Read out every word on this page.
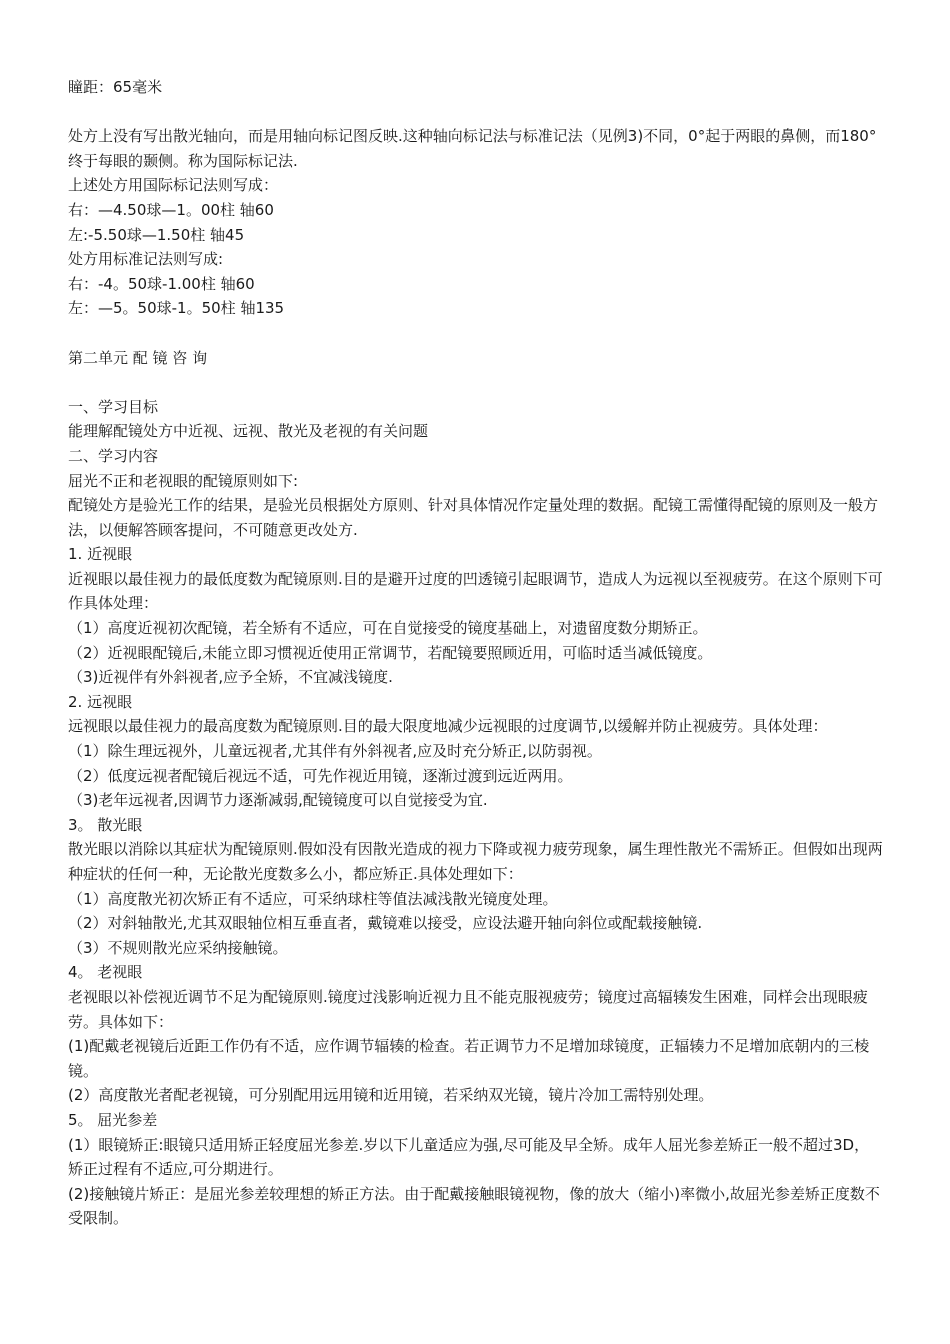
瞳距：65毫米

处方上没有写出散光轴向，而是用轴向标记图反映.这种轴向标记法与标准记法（见例3)不同，0°起于两眼的鼻侧，而180°终于每眼的颞侧。称为国际标记法.

上述处方用国际标记法则写成：

右：—4.50球—1。00柱 轴60

左:-5.50球—1.50柱 轴45

处方用标准记法则写成:

右：-4。50球-1.00柱 轴60

左：—5。50球-1。50柱 轴135

第二单元 配 镜 咨 询

一、学习目标

能理解配镜处方中近视、远视、散光及老视的有关问题

二、学习内容

屈光不正和老视眼的配镜原则如下:

配镜处方是验光工作的结果，是验光员根据处方原则、针对具体情况作定量处理的数据。配镜工需懂得配镜的原则及一般方法，以便解答顾客提问，不可随意更改处方.

1. 近视眼

近视眼以最佳视力的最低度数为配镜原则.目的是避开过度的凹透镜引起眼调节，造成人为远视以至视疲劳。在这个原则下可作具体处理：

（1）高度近视初次配镜，若全矫有不适应，可在自觉接受的镜度基础上，对遗留度数分期矫正。

（2）近视眼配镜后,未能立即习惯视近使用正常调节，若配镜要照顾近用，可临时适当减低镜度。

（3)近视伴有外斜视者,应予全矫，不宜减浅镜度.

2. 远视眼

远视眼以最佳视力的最高度数为配镜原则.目的最大限度地减少远视眼的过度调节,以缓解并防止视疲劳。具体处理：

（1）除生理远视外，儿童远视者,尤其伴有外斜视者,应及时充分矫正,以防弱视。

（2）低度远视者配镜后视远不适，可先作视近用镜，逐渐过渡到远近两用。

（3)老年远视者,因调节力逐渐减弱,配镜镜度可以自觉接受为宜.

3。 散光眼

散光眼以消除以其症状为配镜原则.假如没有因散光造成的视力下降或视力疲劳现象，属生理性散光不需矫正。但假如出现两种症状的任何一种，无论散光度数多么小，都应矫正.具体处理如下：

（1）高度散光初次矫正有不适应，可采纳球柱等值法减浅散光镜度处理。

（2）对斜轴散光,尤其双眼轴位相互垂直者，戴镜难以接受，应设法避开轴向斜位或配载接触镜.

（3）不规则散光应采纳接触镜。

4。 老视眼

老视眼以补偿视近调节不足为配镜原则.镜度过浅影响近视力且不能克服视疲劳；镜度过高辐辏发生困难，同样会出现眼疲劳。具体如下：

(1)配戴老视镜后近距工作仍有不适，应作调节辐辏的检查。若正调节力不足增加球镜度，正辐辏力不足增加底朝内的三棱镜。

(2）高度散光者配老视镜，可分别配用远用镜和近用镜，若采纳双光镜，镜片冷加工需特别处理。

5。 屈光参差

(1）眼镜矫正:眼镜只适用矫正轻度屈光参差.岁以下儿童适应为强,尽可能及早全矫。成年人屈光参差矫正一般不超过3D，矫正过程有不适应,可分期进行。

(2)接触镜片矫正：是屈光参差较理想的矫正方法。由于配戴接触眼镜视物，像的放大（缩小)率微小,故屈光参差矫正度数不受限制。
